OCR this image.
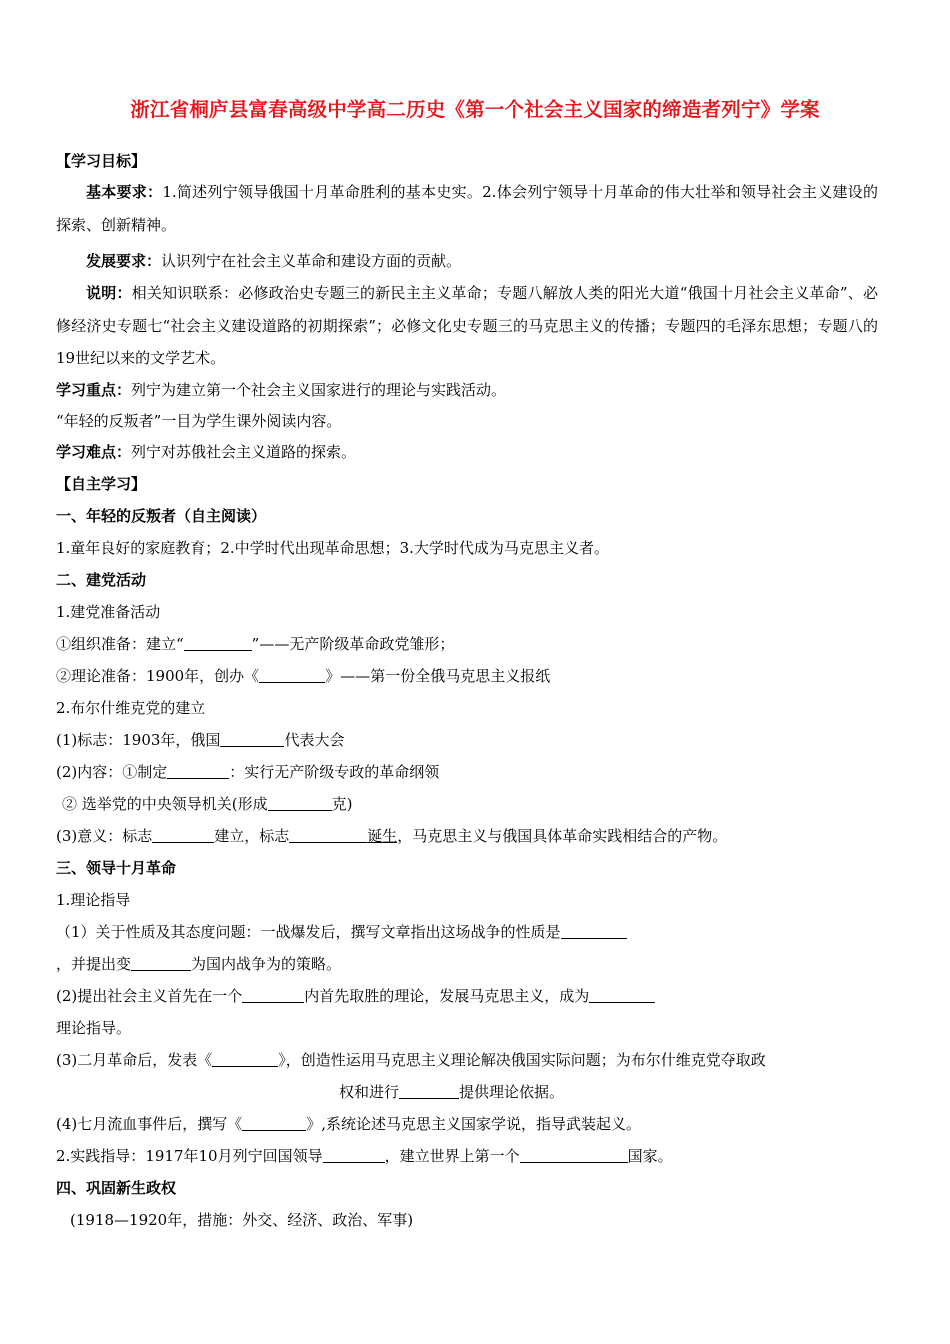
浙江省桐庐县富春高级中学高二历史《第一个社会主义国家的缔造者列宁》学案
【学习目标】
基本要求：1.简述列宁领导俄国十月革命胜利的基本史实。2.体会列宁领导十月革命的伟大壮举和领导社会主义建设的探索、创新精神。
发展要求：认识列宁在社会主义革命和建设方面的贡献。
说明：相关知识联系：必修政治史专题三的新民主主义革命；专题八解放人类的阳光大道“俄国十月社会主义革命”、必修经济史专题七“社会主义建设道路的初期探索”；必修文化史专题三的马克思主义的传播；专题四的毛泽东思想；专题八的19世纪以来的文学艺术。
学习重点：列宁为建立第一个社会主义国家进行的理论与实践活动。
“年轻的反叛者”一目为学生课外阅读内容。
学习难点：列宁对苏俄社会主义道路的探索。
【自主学习】
一、年轻的反叛者（自主阅读）
1.童年良好的家庭教育；2.中学时代出现革命思想；3.大学时代成为马克思主义者。
二、建党活动
1.建党准备活动
①组织准备：建立“	”——无产阶级革命政党雏形；
②理论准备：1900年，创办《	》——第一份全俄马克思主义报纸
2.布尔什维克党的建立
(1)标志：1903年，俄国	代表大会
(2)内容：①制定	：实行无产阶级专政的革命纲领
② 选举党的中央领导机关(形成	克)
(3)意义：标志	建立，标志	诞生，马克思主义与俄国具体革命实践相结合的产物。
三、领导十月革命
1.理论指导
（1）关于性质及其态度问题：一战爆发后，撰写文章指出这场战争的性质是
，并提出变	为国内战争为的策略。
(2)提出社会主义首先在一个	内首先取胜的理论，发展马克思主义，成为
理论指导。
(3)二月革命后，发表《	》，创造性运用马克思主义理论解决俄国实际问题；为布尔什维克党夺取政
权和进行	提供理论依据。
(4)七月流血事件后，撰写《	》,系统论述马克思主义国家学说，指导武装起义。
2.实践指导：1917年10月列宁回国领导	，建立世界上第一个	国家。
四、巩固新生政权
(1918—1920年，措施：外交、经济、政治、军事)
